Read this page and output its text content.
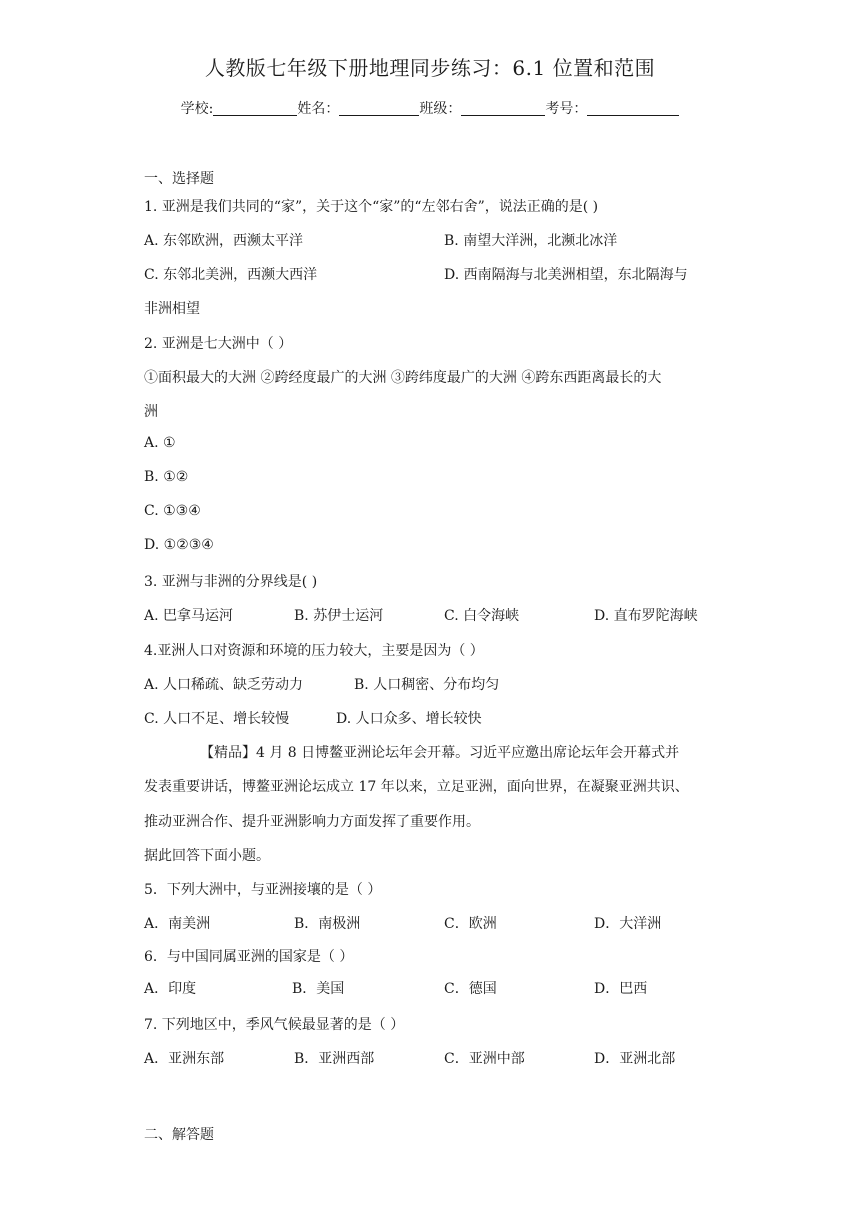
人教版七年级下册地理同步练习：6.1 位置和范围
学校:	姓名：	班级：	考号：
一、选择题
1. 亚洲是我们共同的“家”，关于这个“家”的“左邻右舍”，说法正确的是( )
A. 东邻欧洲，西濒太平洋	B. 南望大洋洲，北濒北冰洋
C. 东邻北美洲，西濒大西洋	D. 西南隔海与北美洲相望，东北隔海与
非洲相望
2. 亚洲是七大洲中（ ）
①面积最大的大洲 ②跨经度最广的大洲 ③跨纬度最广的大洲 ④跨东西距离最长的大
洲
A. ①
B. ①②
C. ①③④
D. ①②③④
3. 亚洲与非洲的分界线是( )
A. 巴拿马运河	B. 苏伊士运河	C. 白令海峡	D. 直布罗陀海峡
4.亚洲人口对资源和环境的压力较大，主要是因为（ ）
A. 人口稀疏、缺乏劳动力	B. 人口稠密、分布均匀
C. 人口不足、增长较慢	D. 人口众多、增长较快
【精品】4 月 8 日博鳌亚洲论坛年会开幕。习近平应邀出席论坛年会开幕式并
发表重要讲话，博鳌亚洲论坛成立 17 年以来，立足亚洲，面向世界，在凝聚亚洲共识、
推动亚洲合作、提升亚洲影响力方面发挥了重要作用。
据此回答下面小题。
5．下列大洲中，与亚洲接壤的是（ ）
A．南美洲	B．南极洲	C．欧洲	D．大洋洲
6．与中国同属亚洲的国家是（ ）
A．印度	B．美国	C．德国	D．巴西
7. 下列地区中，季风气候最显著的是（ ）
A．亚洲东部	B．亚洲西部	C．亚洲中部	D．亚洲北部
二、解答题
